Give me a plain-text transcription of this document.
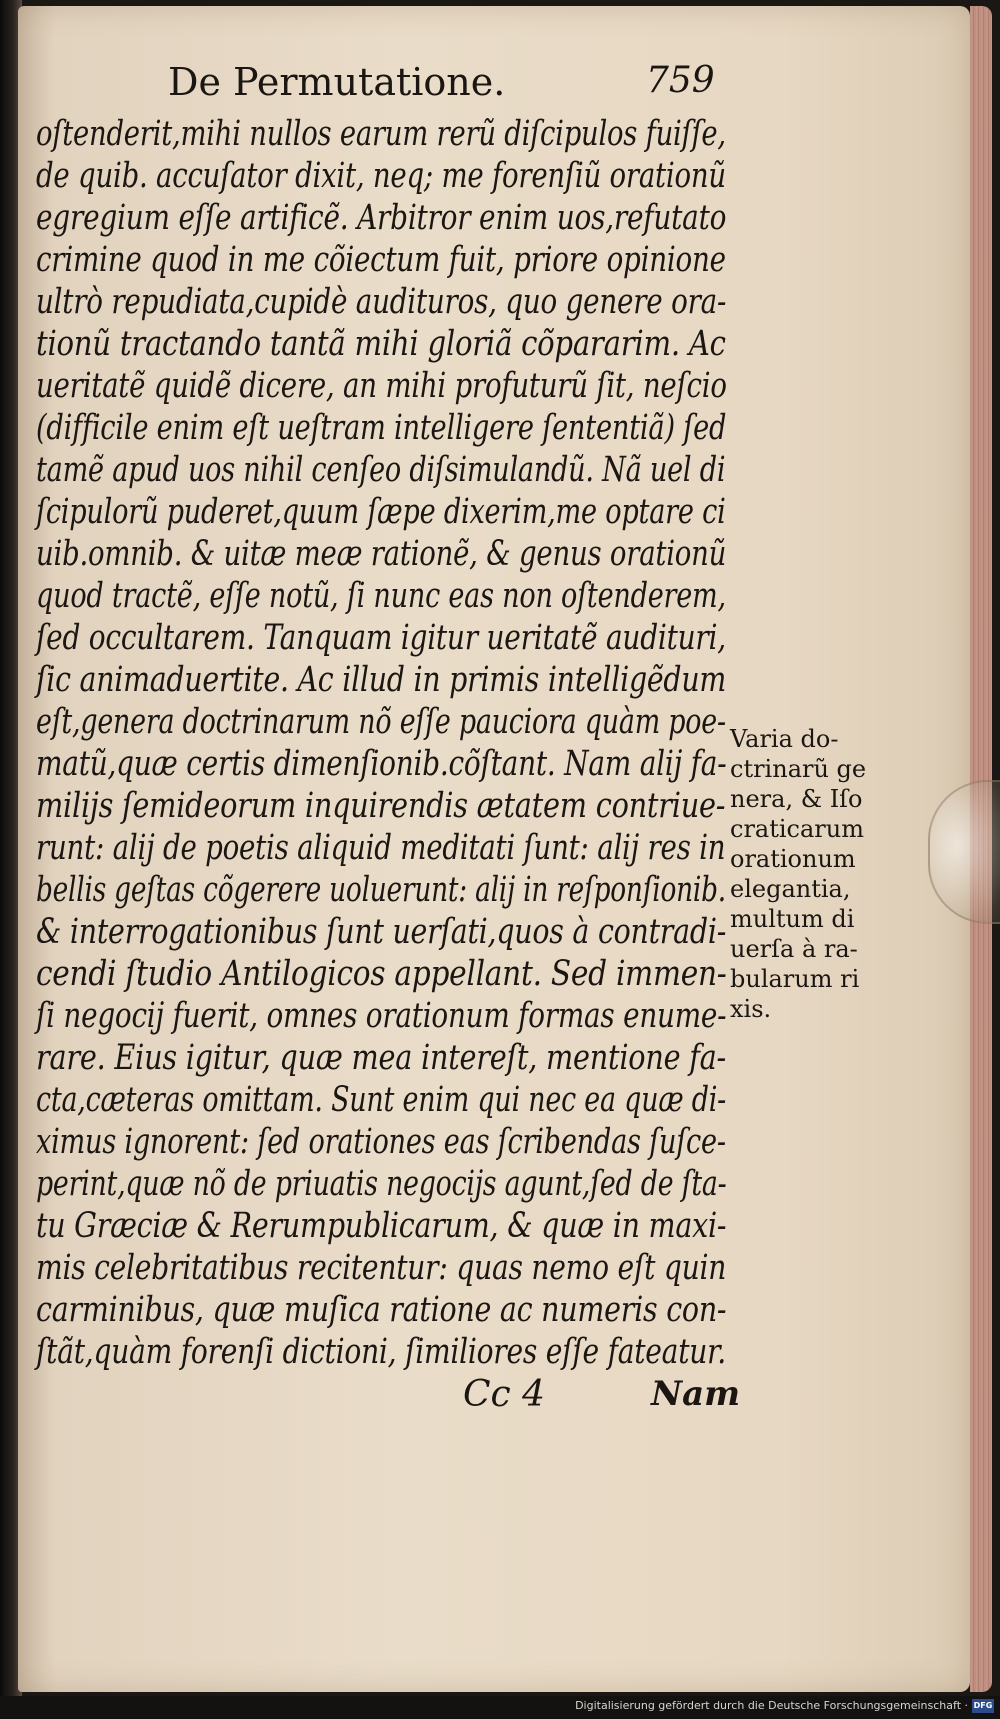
De Permutatione.	759
oſtenderit,mihi nullos earum rerũ diſcipulos fuiſſe,
de quib. accuſator dixit, neq; me forenſiũ orationũ
egregium eſſe artificẽ. Arbitror enim uos,refutato
crimine quod in me cõiectum fuit, priore opinione
ultrò repudiata,cupidè audituros, quo genere ora-
tionũ tractando tantã mihi gloriã cõpararim. Ac
ueritatẽ quidẽ dicere, an mihi profuturũ ſit, neſcio
(difficile enim eſt ueſtram intelligere ſententiã) ſed
tamẽ apud uos nihil cenſeo diſsimulandũ. Nã uel di
ſcipulorũ puderet,quum ſæpe dixerim,me optare ci
uib.omnib. & uitæ meæ rationẽ, & genus orationũ
quod tractẽ, eſſe notũ, ſi nunc eas non oſtenderem,
ſed occultarem. Tanquam igitur ueritatẽ audituri,
ſic animaduertite. Ac illud in primis intelligẽdum
eſt,genera doctrinarum nõ eſſe pauciora quàm poe-
matũ,quæ certis dimenſionib.cõſtant. Nam alij fa-
milijs ſemideorum inquirendis ætatem contriue-
runt: alij de poetis aliquid meditati ſunt: alij res in
bellis geſtas cõgerere uoluerunt: alij in reſponſionib.
& interrogationibus ſunt uerſati,quos à contradi-
cendi ſtudio Antilogicos appellant. Sed immen-
ſi negocij fuerit, omnes orationum formas enume-
rare. Eius igitur, quæ mea intereſt, mentione fa-
cta,cæteras omittam. Sunt enim qui nec ea quæ di-
ximus ignorent: ſed orationes eas ſcribendas ſuſce-
perint,quæ nõ de priuatis negocijs agunt,ſed de ſta-
tu Græciæ & Rerumpublicarum, & quæ in maxi-
mis celebritatibus recitentur: quas nemo eſt quin
carminibus, quæ muſica ratione ac numeris con-
ſtãt,quàm forenſi dictioni, ſimiliores eſſe fateatur.
Varia do-
ctrinarũ ge
nera, & Iſo
craticarum
orationum
elegantia,
multum di
uerſa à ra-
bularum ri
xis.
Cc 4	Nam
Digitalisierung gefördert durch die Deutsche Forschungsgemeinschaft · DFG
